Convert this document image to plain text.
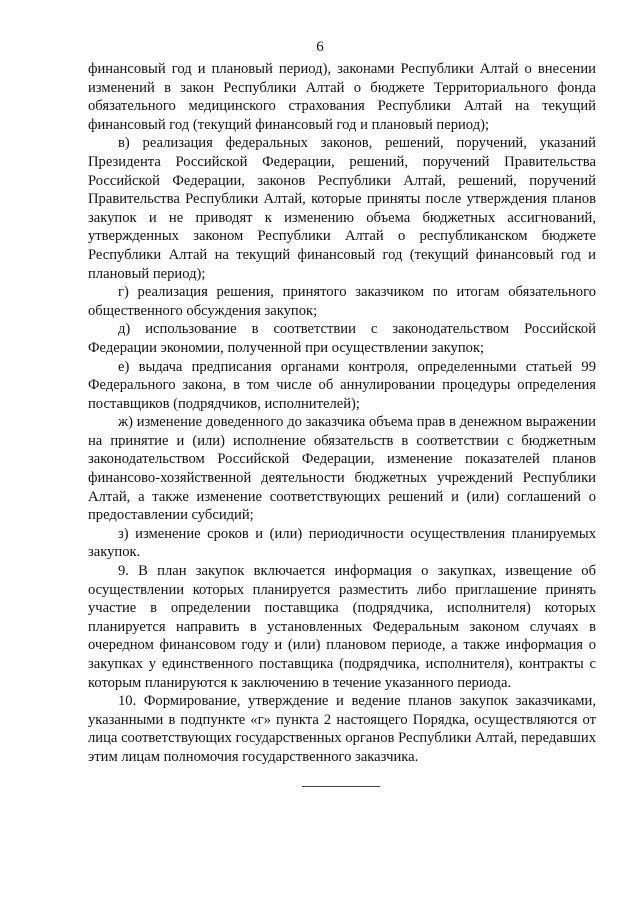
6

финансовый год и плановый период), законами Республики Алтай о внесении изменений в закон Республики Алтай о бюджете Территориального фонда обязательного медицинского страхования Республики Алтай на текущий финансовый год (текущий финансовый год и плановый период);

в) реализация федеральных законов, решений, поручений, указаний Президента Российской Федерации, решений, поручений Правительства Российской Федерации, законов Республики Алтай, решений, поручений Правительства Республики Алтай, которые приняты после утверждения планов закупок и не приводят к изменению объема бюджетных ассигнований, утвержденных законом Республики Алтай о республиканском бюджете Республики Алтай на текущий финансовый год (текущий финансовый год и плановый период);

г) реализация решения, принятого заказчиком по итогам обязательного общественного обсуждения закупок;

д) использование в соответствии с законодательством Российской Федерации экономии, полученной при осуществлении закупок;

е) выдача предписания органами контроля, определенными статьей 99 Федерального закона, в том числе об аннулировании процедуры определения поставщиков (подрядчиков, исполнителей);

ж) изменение доведенного до заказчика объема прав в денежном выражении на принятие и (или) исполнение обязательств в соответствии с бюджетным законодательством Российской Федерации, изменение показателей планов финансово-хозяйственной деятельности бюджетных учреждений Республики Алтай, а также изменение соответствующих решений и (или) соглашений о предоставлении субсидий;

з) изменение сроков и (или) периодичности осуществления планируемых закупок.

9. В план закупок включается информация о закупках, извещение об осуществлении которых планируется разместить либо приглашение принять участие в определении поставщика (подрядчика, исполнителя) которых планируется направить в установленных Федеральным законом случаях в очередном финансовом году и (или) плановом периоде, а также информация о закупках у единственного поставщика (подрядчика, исполнителя), контракты с которым планируются к заключению в течение указанного периода.

10. Формирование, утверждение и ведение планов закупок заказчиками, указанными в подпункте «г» пункта 2 настоящего Порядка, осуществляются от лица соответствующих государственных органов Республики Алтай, передавших этим лицам полномочия государственного заказчика.
